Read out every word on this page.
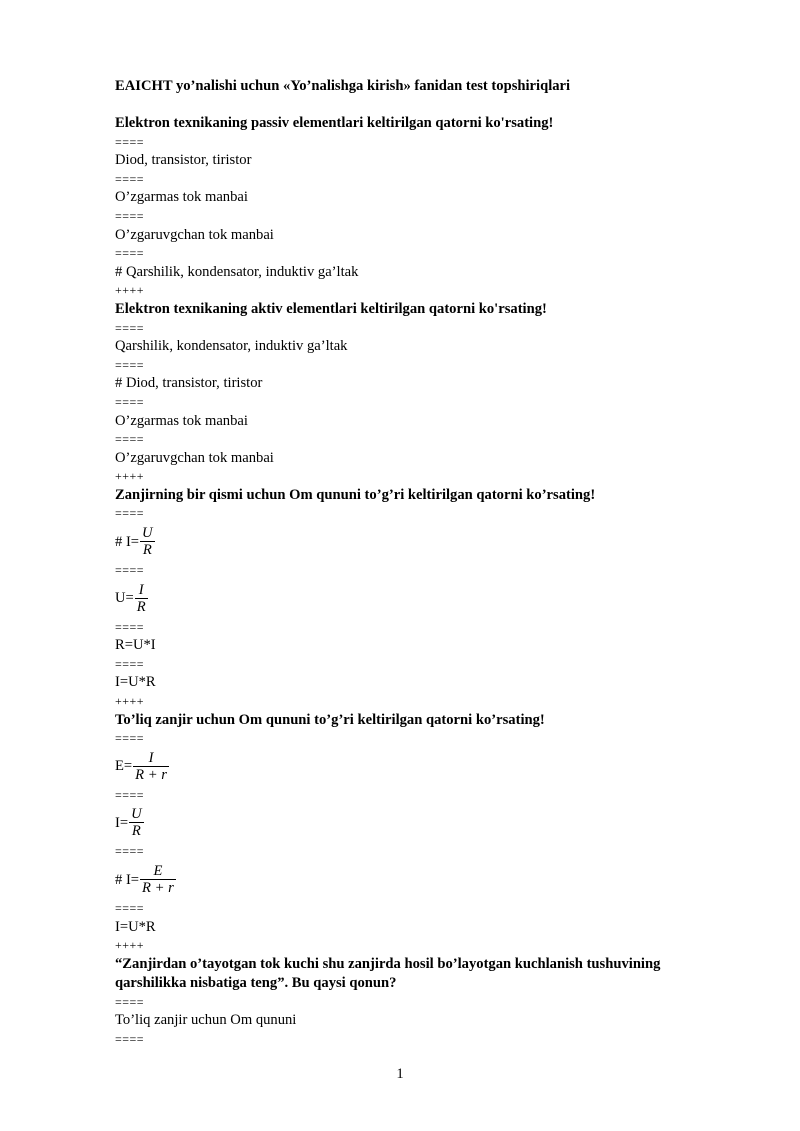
EAICHT yo’nalishi uchun «Yo’nalishga kirish» fanidan test topshiriqlari
Elektron texnikaning passiv elementlari keltirilgan qatorni ko'rsating!
====
Diod, transistor, tiristor
====
O’zgarmas tok manbai
====
O’zgaruvgchan tok manbai
====
# Qarshilik, kondensator, induktiv ga’ltak
++++
Elektron texnikaning aktiv elementlari keltirilgan qatorni ko'rsating!
====
Qarshilik, kondensator, induktiv ga’ltak
====
# Diod, transistor, tiristor
====
O’zgarmas tok manbai
====
O’zgaruvgchan tok manbai
++++
Zanjirning bir qismi uchun Om qununi to’g’ri keltirilgan qatorni ko’rsating!
====
# $I= \frac{U}{R}$
====
$U= \frac{I}{R}$
====
R=U*I
====
I=U*R
++++
To’liq zanjir uchun Om qununi to’g’ri keltirilgan qatorni ko’rsating!
====
$E= \frac{I}{R + r}$
====
$I= \frac{U}{R}$
====
# $I= \frac{E}{R + r}$
====
I=U*R
++++
“Zanjirdan o’tayotgan tok kuchi shu zanjirda hosil bo’layotgan kuchlanish tushuvining qarshilikka nisbatiga teng”. Bu qaysi qonun?
====
To’liq zanjir uchun Om qununi
====
1
